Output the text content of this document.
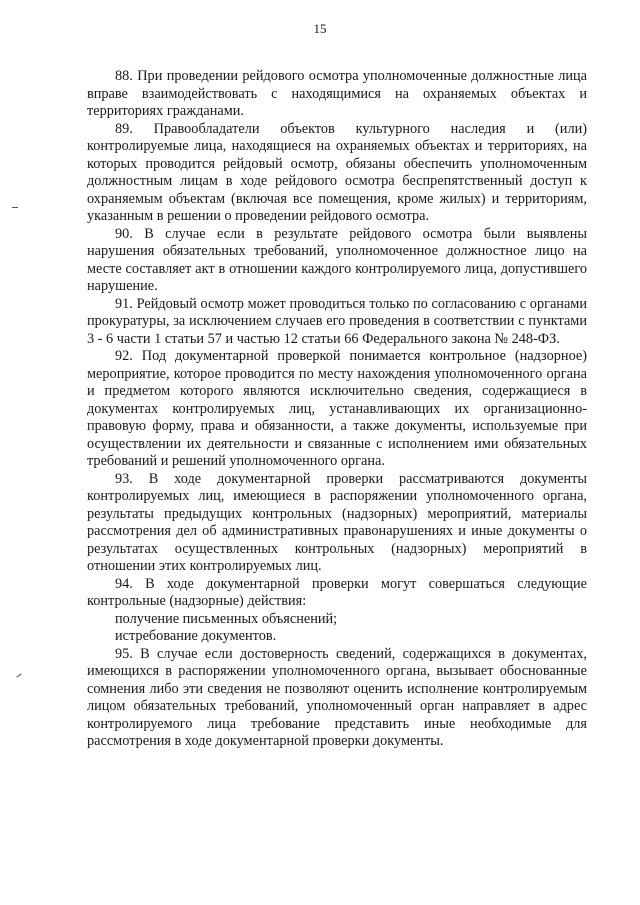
15

88. При проведении рейдового осмотра уполномоченные должностные лица вправе взаимодействовать с находящимися на охраняемых объектах и территориях гражданами.

89. Правообладатели объектов культурного наследия и (или) контролируемые лица, находящиеся на охраняемых объектах и территориях, на которых проводится рейдовый осмотр, обязаны обеспечить уполномоченным должностным лицам в ходе рейдового осмотра беспрепятственный доступ к охраняемым объектам (включая все помещения, кроме жилых) и территориям, указанным в решении о проведении рейдового осмотра.

90. В случае если в результате рейдового осмотра были выявлены нарушения обязательных требований, уполномоченное должностное лицо на месте составляет акт в отношении каждого контролируемого лица, допустившего нарушение.

91. Рейдовый осмотр может проводиться только по согласованию с органами прокуратуры, за исключением случаев его проведения в соответствии с пунктами 3 - 6 части 1 статьи 57 и частью 12 статьи 66 Федерального закона № 248-ФЗ.

92. Под документарной проверкой понимается контрольное (надзорное) мероприятие, которое проводится по месту нахождения уполномоченного органа и предметом которого являются исключительно сведения, содержащиеся в документах контролируемых лиц, устанавливающих их организационно-правовую форму, права и обязанности, а также документы, используемые при осуществлении их деятельности и связанные с исполнением ими обязательных требований и решений уполномоченного органа.

93. В ходе документарной проверки рассматриваются документы контролируемых лиц, имеющиеся в распоряжении уполномоченного органа, результаты предыдущих контрольных (надзорных) мероприятий, материалы рассмотрения дел об административных правонарушениях и иные документы о результатах осуществленных контрольных (надзорных) мероприятий в отношении этих контролируемых лиц.

94. В ходе документарной проверки могут совершаться следующие контрольные (надзорные) действия:

получение письменных объяснений;

истребование документов.

95. В случае если достоверность сведений, содержащихся в документах, имеющихся в распоряжении уполномоченного органа, вызывает обоснованные сомнения либо эти сведения не позволяют оценить исполнение контролируемым лицом обязательных требований, уполномоченный орган направляет в адрес контролируемого лица требование представить иные необходимые для рассмотрения в ходе документарной проверки документы.
